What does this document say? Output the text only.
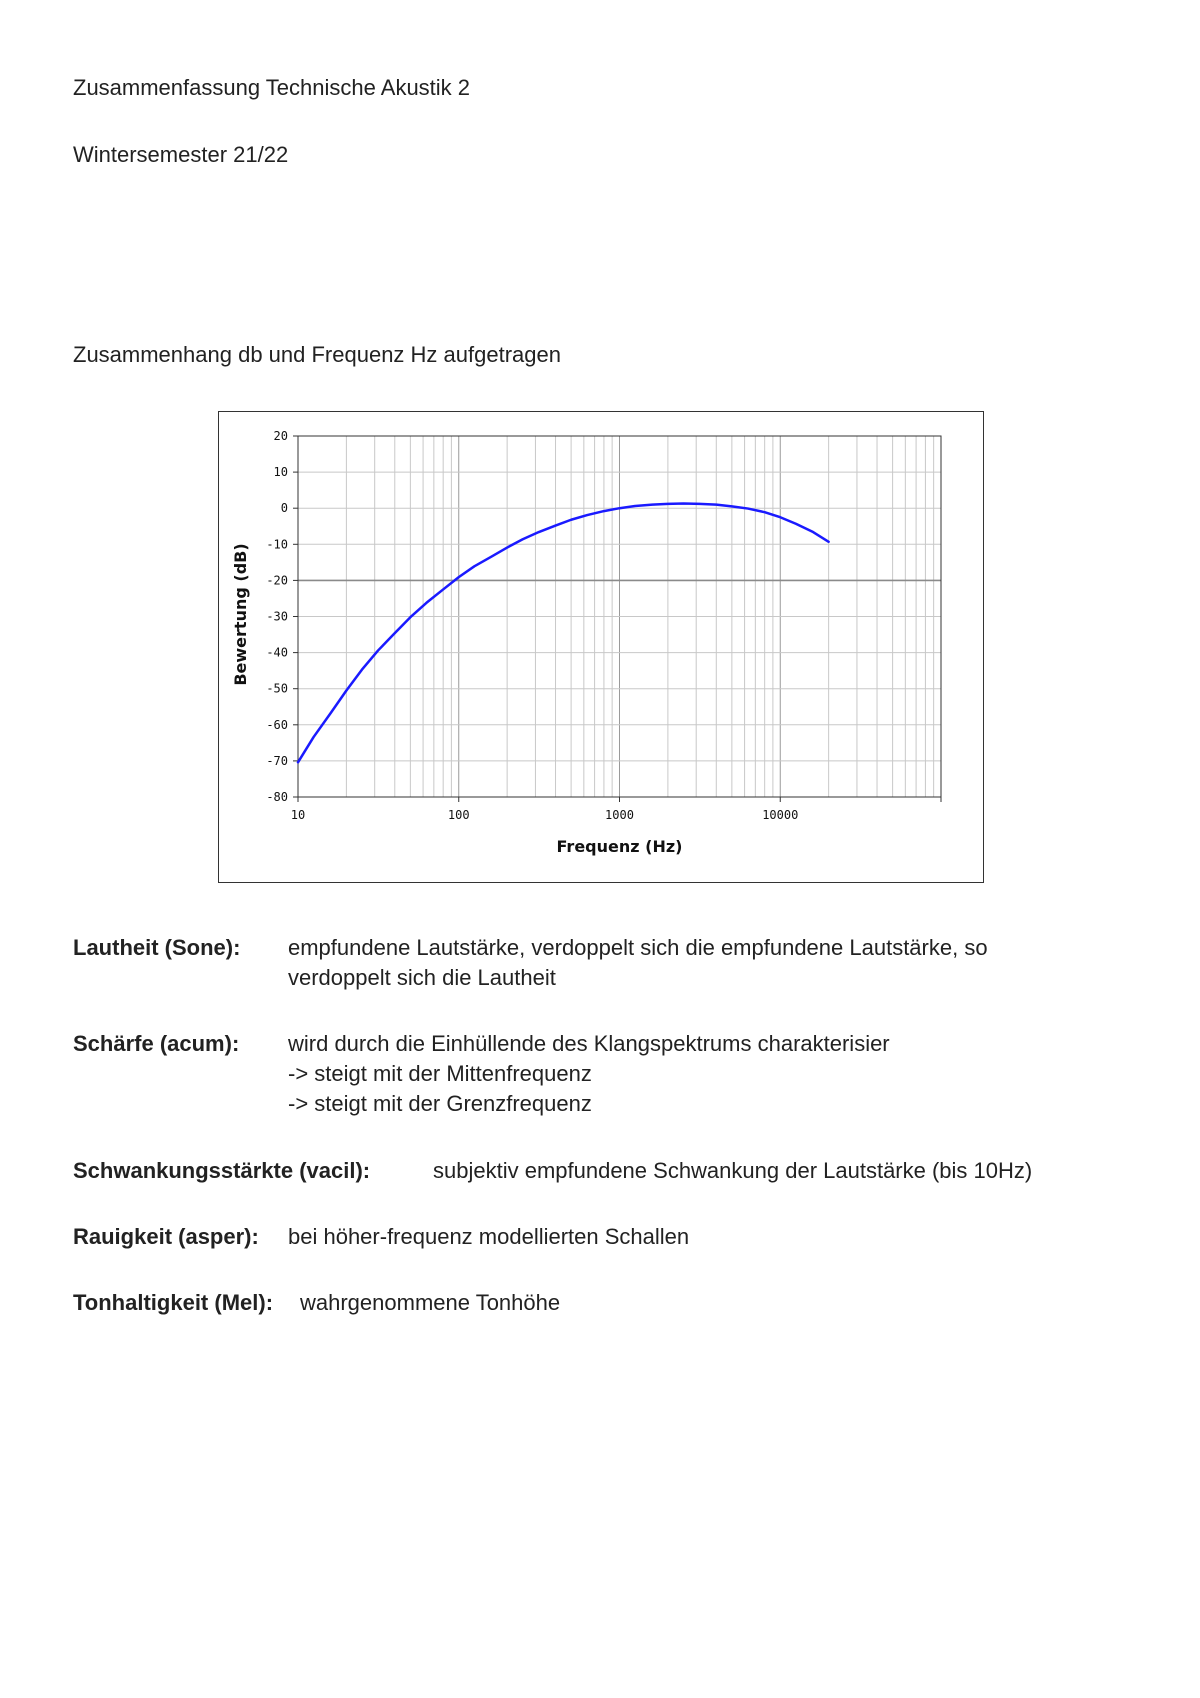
Zusammenfassung Technische Akustik 2
Wintersemester 21/22
Zusammenhang db und Frequenz Hz aufgetragen
20
10
0
-10
-20
-30
-40
-50
-60
-70
-80
10	100	1000	10000
Frequenz (Hz)
Bewertung (dB)
Lautheit (Sone): empfundene Lautstärke, verdoppelt sich die empfundene Lautstärke, so
verdoppelt sich die Lautheit
Schärfe (acum): wird durch die Einhüllende des Klangspektrums charakterisier
-> steigt mit der Mittenfrequenz
-> steigt mit der Grenzfrequenz
Schwankungsstärkte (vacil):	subjektiv empfundene Schwankung der Lautstärke (bis 10Hz)
Rauigkeit (asper): bei höher-frequenz modellierten Schallen
Tonhaltigkeit (Mel): wahrgenommene Tonhöhe
